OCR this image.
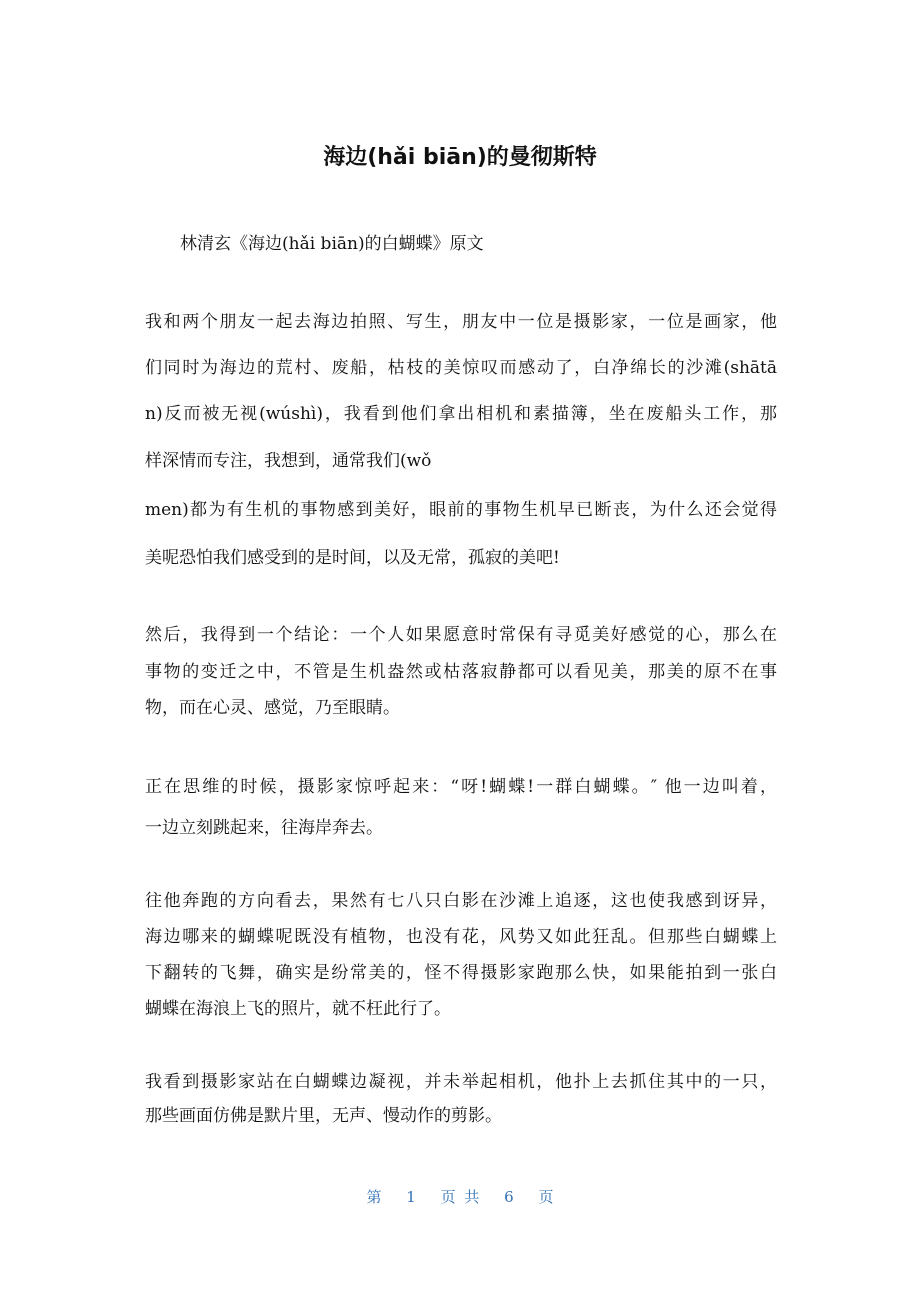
海边(hǎi biān)的曼彻斯特
林清玄《海边(hǎi biān)的白蝴蝶》原文
我和两个朋友一起去海边拍照、写生，朋友中一位是摄影家，一位是画家，他
们同时为海边的荒村、废船，枯枝的美惊叹而感动了，白净绵长的沙滩(shātā
n)反而被无视(wúshì)，我看到他们拿出相机和素描簿，坐在废船头工作，那
样深情而专注，我想到，通常我们(wǒ
men)都为有生机的事物感到美好，眼前的事物生机早已断丧，为什么还会觉得
美呢恐怕我们感受到的是时间，以及无常，孤寂的美吧!
然后，我得到一个结论：一个人如果愿意时常保有寻觅美好感觉的心，那么在
事物的变迁之中，不管是生机盎然或枯落寂静都可以看见美，那美的原不在事
物，而在心灵、感觉，乃至眼睛。
正在思维的时候，摄影家惊呼起来：“呀!蝴蝶!一群白蝴蝶。″ 他一边叫着，
一边立刻跳起来，往海岸奔去。
往他奔跑的方向看去，果然有七八只白影在沙滩上追逐，这也使我感到讶异，
海边哪来的蝴蝶呢既没有植物，也没有花，风势又如此狂乱。但那些白蝴蝶上
下翻转的飞舞，确实是纷常美的，怪不得摄影家跑那么快，如果能拍到一张白
蝴蝶在海浪上飞的照片，就不枉此行了。
我看到摄影家站在白蝴蝶边凝视，并未举起相机，他扑上去抓住其中的一只，
那些画面仿佛是默片里，无声、慢动作的剪影。
第 1 页 共 6 页
